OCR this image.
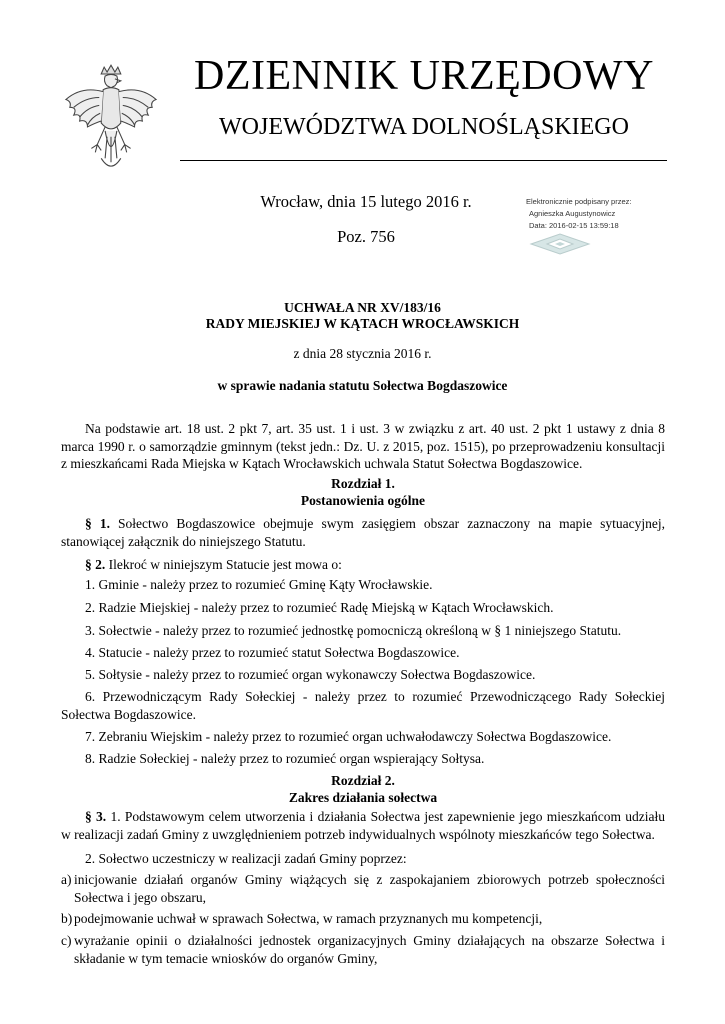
DZIENNIK URZĘDOWY
WOJEWÓDZTWA DOLNOŚLĄSKIEGO
Wrocław, dnia 15 lutego 2016 r.
Poz. 756
Elektronicznie podpisany przez:
Agnieszka Augustynowicz
Data: 2016-02-15 13:59:18
UCHWAŁA NR XV/183/16
RADY MIEJSKIEJ W KĄTACH WROCŁAWSKICH
z dnia 28 stycznia 2016 r.
w sprawie nadania statutu Sołectwa Bogdaszowice
Na podstawie art. 18 ust. 2 pkt 7, art. 35 ust. 1 i ust. 3 w związku z art. 40 ust. 2 pkt 1 ustawy z dnia 8 marca 1990 r. o samorządzie gminnym (tekst jedn.: Dz. U. z 2015, poz. 1515), po przeprowadzeniu konsultacji z mieszkańcami Rada Miejska w Kątach Wrocławskich uchwala Statut Sołectwa Bogdaszowice.
Rozdział 1.
Postanowienia ogólne
§ 1. Sołectwo Bogdaszowice obejmuje swym zasięgiem obszar zaznaczony na mapie sytuacyjnej, stanowiącej załącznik do niniejszego Statutu.
§ 2. Ilekroć w niniejszym Statucie jest mowa o:
1. Gminie - należy przez to rozumieć Gminę Kąty Wrocławskie.
2. Radzie Miejskiej - należy przez to rozumieć Radę Miejską w Kątach Wrocławskich.
3. Sołectwie - należy przez to rozumieć jednostkę pomocniczą określoną w § 1 niniejszego Statutu.
4. Statucie - należy przez to rozumieć statut Sołectwa Bogdaszowice.
5. Sołtysie - należy przez to rozumieć organ wykonawczy Sołectwa Bogdaszowice.
6. Przewodniczącym Rady Sołeckiej - należy przez to rozumieć Przewodniczącego Rady Sołeckiej Sołectwa Bogdaszowice.
7. Zebraniu Wiejskim - należy przez to rozumieć organ uchwałodawczy Sołectwa Bogdaszowice.
8. Radzie Sołeckiej - należy przez to rozumieć organ wspierający Sołtysa.
Rozdział 2.
Zakres działania sołectwa
§ 3. 1. Podstawowym celem utworzenia i działania Sołectwa jest zapewnienie jego mieszkańcom udziału w realizacji zadań Gminy z uwzględnieniem potrzeb indywidualnych wspólnoty mieszkańców tego Sołectwa.
2. Sołectwo uczestniczy w realizacji zadań Gminy poprzez:
a) inicjowanie działań organów Gminy wiążących się z zaspokajaniem zbiorowych potrzeb społeczności Sołectwa i jego obszaru,
b) podejmowanie uchwał w sprawach Sołectwa, w ramach przyznanych mu kompetencji,
c) wyrażanie opinii o działalności jednostek organizacyjnych Gminy działających na obszarze Sołectwa i składanie w tym temacie wniosków do organów Gminy,
